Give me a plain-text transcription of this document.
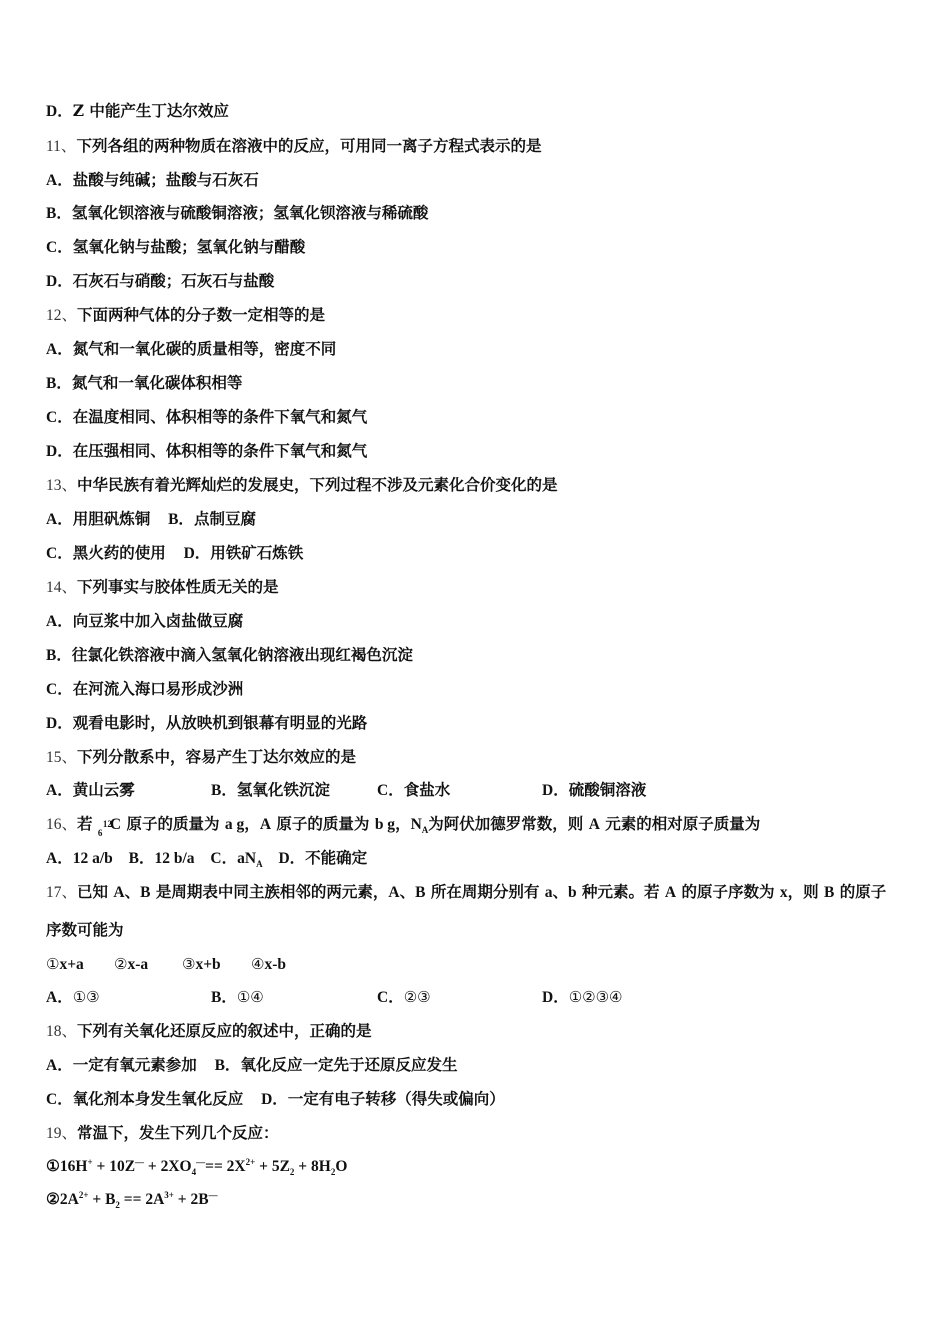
D．Z 中能产生丁达尔效应
11、下列各组的两种物质在溶液中的反应，可用同一离子方程式表示的是
A．盐酸与纯碱；盐酸与石灰石
B．氢氧化钡溶液与硫酸铜溶液；氢氧化钡溶液与稀硫酸
C．氢氧化钠与盐酸；氢氧化钠与醋酸
D．石灰石与硝酸；石灰石与盐酸
12、下面两种气体的分子数一定相等的是
A．氮气和一氧化碳的质量相等，密度不同
B．氮气和一氧化碳体积相等
C．在温度相同、体积相等的条件下氧气和氮气
D．在压强相同、体积相等的条件下氧气和氮气
13、中华民族有着光辉灿烂的发展史，下列过程不涉及元素化合价变化的是
A．用胆矾炼铜 B．点制豆腐
C．黑火药的使用 D．用铁矿石炼铁
14、下列事实与胶体性质无关的是
A．向豆浆中加入卤盐做豆腐
B．往氯化铁溶液中滴入氢氧化钠溶液出现红褐色沉淀
C．在河流入海口易形成沙洲
D．观看电影时，从放映机到银幕有明显的光路
15、下列分散系中，容易产生丁达尔效应的是
A．黄山云雾	B．氢氧化铁沉淀	C．食盐水	D．硫酸铜溶液
16、若 12
6 C 原子的质量为 a g，A 原子的质量为 b g，$N_A$为阿伏加德罗常数，则 A 元素的相对原子质量为
A．12 a/b B．12 b/a C．$aN_A$ D．不能确定
17、已知 A、B 是周期表中同主族相邻的两元素，A、B 所在周期分别有 a、b 种元素。若 A 的原子序数为 x，则 B 的原子
序数可能为
①x+a ②x-a ③x+b ④x-b
A．①③	B．①④	C．②③	D．①②③④
18、下列有关氧化还原反应的叙述中，正确的是
A．一定有氧元素参加 B．氧化反应一定先于还原反应发生
C．氧化剂本身发生氧化反应 D．一定有电子转移（得失或偏向）
19、常温下，发生下列几个反应：
①16H+ + $10Z^— + 2XO_4^—== 2X^{2+} + 5Z_2 + 8H_2O$
$②2A^{2+} + B_2 == 2A^{3+} + 2B^—$
